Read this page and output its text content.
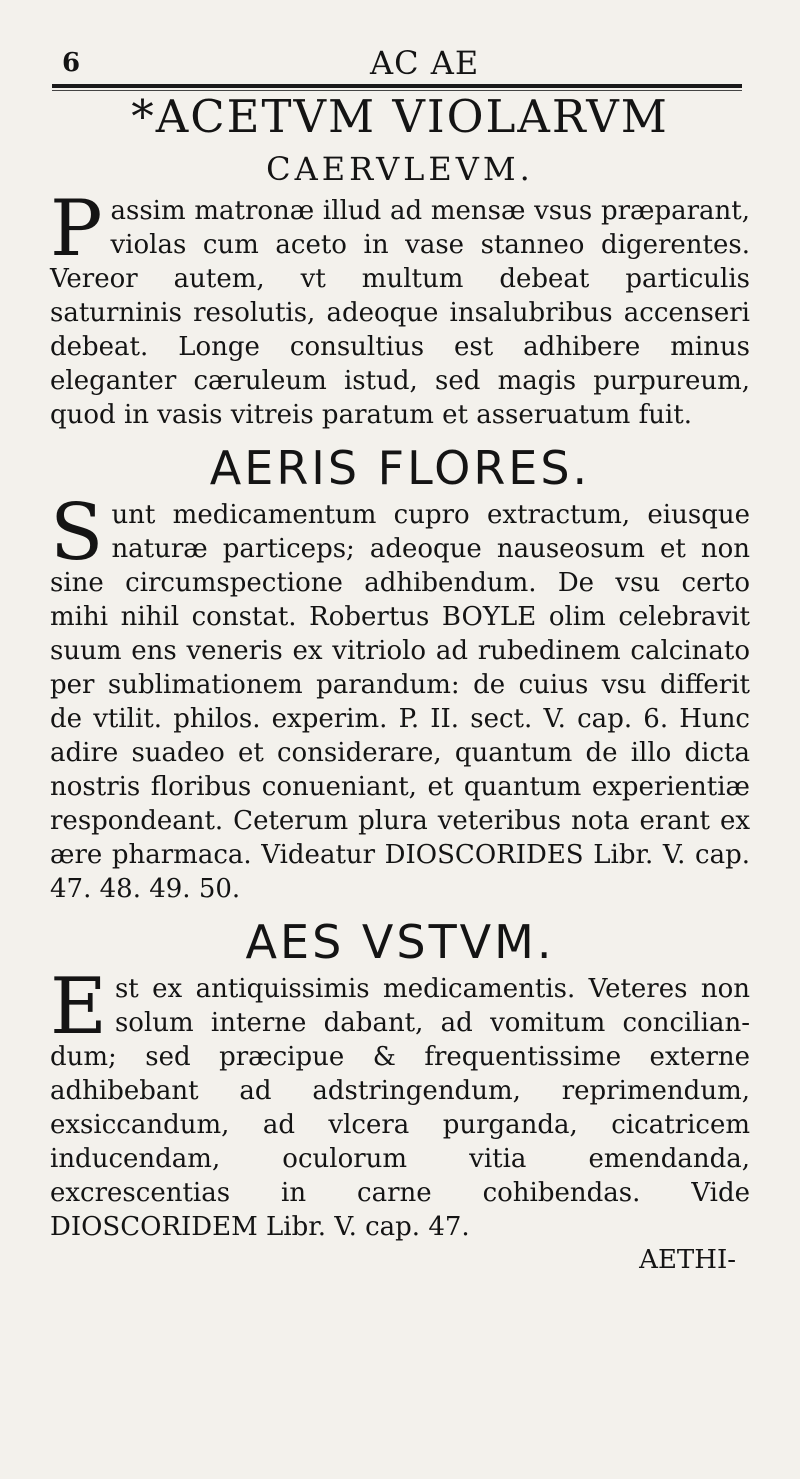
6	AC AE
*ACETVM VIOLARVM
CAERVLEVM.

Passim matronæ illud ad mensæ vsus præparant, violas cum aceto in vase stanneo digerentes. Vereor autem, vt multum debeat particulis saturninis resolutis, adeoque insalubribus accenseri debeat. Longe consultius est adhibere minus eleganter cæruleum istud, sed magis purpureum, quod in vasis vitreis paratum et asseruatum fuit.

AERIS FLORES.

Sunt medicamentum cupro extractum, eiusque naturæ particeps; adeoque nauseosum et non sine circumspectione adhibendum. De vsu certo mihi nihil constat. Robertus BOYLE olim celebravit suum ens veneris ex vitriolo ad rubedinem calcinato per sublimationem parandum: de cuius vsu differit de vtilit. philos. experim. P. II. sect. V. cap. 6. Hunc adire suadeo et considerare, quantum de illo dicta nostris floribus conueniant, et quantum experientiæ respondeant. Ceterum plura veteribus nota erant ex ære pharmaca. Videatur DIOSCORIDES Libr. V. cap. 47. 48. 49. 50.

AES VSTVM.

Est ex antiquissimis medicamentis. Veteres non solum interne dabant, ad vomitum concilian-dum; sed præcipue & frequentissime externe adhibebant ad adstringendum, reprimendum, exsiccandum, ad vlcera purganda, cicatricem inducendam, oculorum vitia emendanda, excrescentias in carne cohibendas. Vide DIOSCORIDEM Libr. V. cap. 47.

AETHI-
